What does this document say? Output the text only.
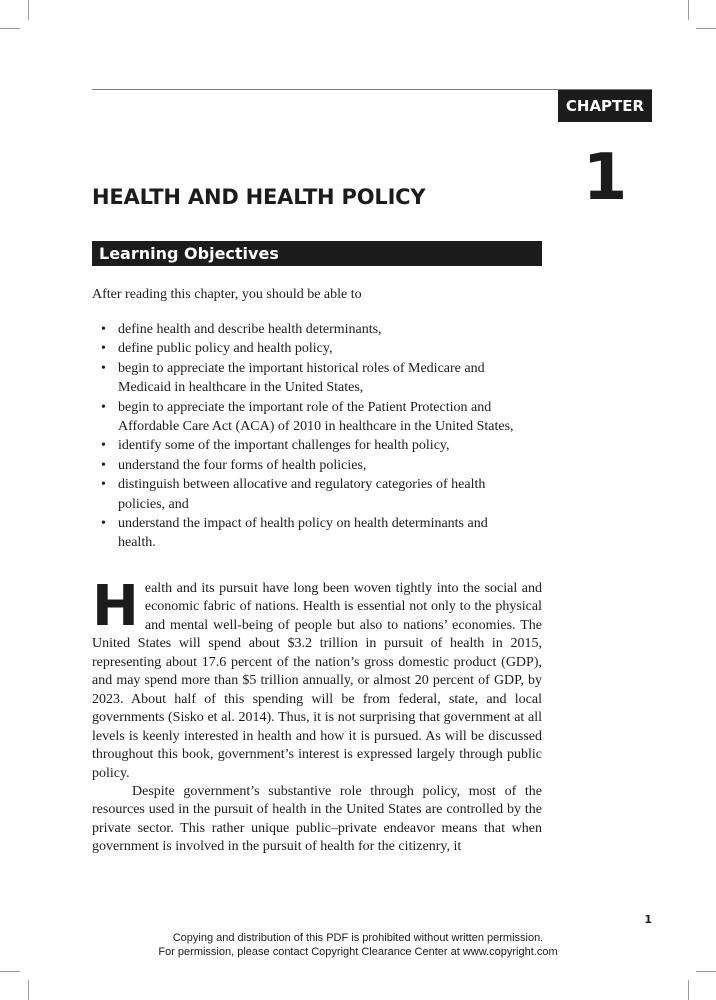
CHAPTER
1
HEALTH AND HEALTH POLICY
Learning Objectives

After reading this chapter, you should be able to

• define health and describe health determinants,
• define public policy and health policy,
• begin to appreciate the important historical roles of Medicare and
Medicaid in healthcare in the United States,
• begin to appreciate the important role of the Patient Protection and
Affordable Care Act (ACA) of 2010 in healthcare in the United States,
• identify some of the important challenges for health policy,
• understand the four forms of health policies,
• distinguish between allocative and regulatory categories of health
policies, and
• understand the impact of health policy on health determinants and
health.

Health and its pursuit have long been woven tightly into the social and economic fabric of nations. Health is essential not only to the physical and mental well-being of people but also to nations’ economies. The United States will spend about $3.2 trillion in pursuit of health in 2015, representing about 17.6 percent of the nation’s gross domestic product (GDP), and may spend more than $5 trillion annually, or almost 20 percent of GDP, by 2023. About half of this spending will be from federal, state, and local governments (Sisko et al. 2014). Thus, it is not surprising that government at all levels is keenly interested in health and how it is pursued. As will be discussed throughout this book, government’s interest is expressed largely through public policy.

Despite government’s substantive role through policy, most of the resources used in the pursuit of health in the United States are controlled by the private sector. This rather unique public–private endeavor means that when government is involved in the pursuit of health for the citizenry, it

1
Copying and distribution of this PDF is prohibited without written permission.
For permission, please contact Copyright Clearance Center at www.copyright.com
